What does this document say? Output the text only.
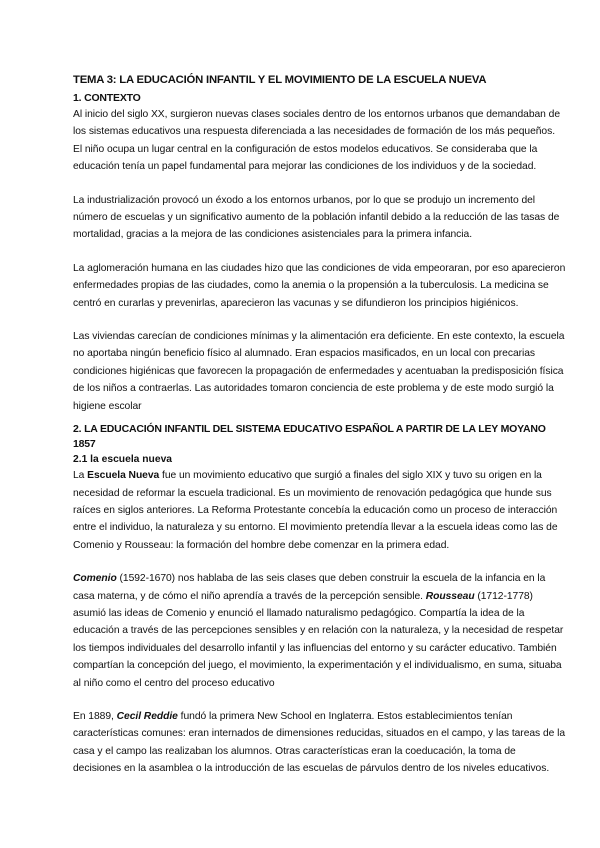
TEMA 3: LA EDUCACIÓN INFANTIL Y EL MOVIMIENTO DE LA ESCUELA NUEVA
1. CONTEXTO

Al inicio del siglo XX, surgieron nuevas clases sociales dentro de los entornos urbanos que demandaban de los sistemas educativos una respuesta diferenciada a las necesidades de formación de los más pequeños. El niño ocupa un lugar central en la configuración de estos modelos educativos. Se consideraba que la educación tenía un papel fundamental para mejorar las condiciones de los individuos y de la sociedad.

La industrialización provocó un éxodo a los entornos urbanos, por lo que se produjo un incremento del número de escuelas y un significativo aumento de la población infantil debido a la reducción de las tasas de mortalidad, gracias a la mejora de las condiciones asistenciales para la primera infancia.

La aglomeración humana en las ciudades hizo que las condiciones de vida empeoraran, por eso aparecieron enfermedades propias de las ciudades, como la anemia o la propensión a la tuberculosis. La medicina se centró en curarlas y prevenirlas, aparecieron las vacunas y se difundieron los principios higiénicos.

Las viviendas carecían de condiciones mínimas y la alimentación era deficiente. En este contexto, la escuela no aportaba ningún beneficio físico al alumnado. Eran espacios masificados, en un local con precarias condiciones higiénicas que favorecen la propagación de enfermedades y acentuaban la predisposición física de los niños a contraerlas. Las autoridades tomaron conciencia de este problema y de este modo surgió la higiene escolar

2. LA EDUCACIÓN INFANTIL DEL SISTEMA EDUCATIVO ESPAÑOL A PARTIR DE LA LEY MOYANO 1857
2.1 la escuela nueva

La Escuela Nueva fue un movimiento educativo que surgió a finales del siglo XIX y tuvo su origen en la necesidad de reformar la escuela tradicional. Es un movimiento de renovación pedagógica que hunde sus raíces en siglos anteriores. La Reforma Protestante concebía la educación como un proceso de interacción entre el individuo, la naturaleza y su entorno. El movimiento pretendía llevar a la escuela ideas como las de Comenio y Rousseau: la formación del hombre debe comenzar en la primera edad.

Comenio (1592-1670) nos hablaba de las seis clases que deben construir la escuela de la infancia en la casa materna, y de cómo el niño aprendía a través de la percepción sensible. Rousseau (1712-1778) asumió las ideas de Comenio y enunció el llamado naturalismo pedagógico. Compartía la idea de la educación a través de las percepciones sensibles y en relación con la naturaleza, y la necesidad de respetar los tiempos individuales del desarrollo infantil y las influencias del entorno y su carácter educativo. También compartían la concepción del juego, el movimiento, la experimentación y el individualismo, en suma, situaba al niño como el centro del proceso educativo

En 1889, Cecil Reddie fundó la primera New School en Inglaterra. Estos establecimientos tenían características comunes: eran internados de dimensiones reducidas, situados en el campo, y las tareas de la casa y el campo las realizaban los alumnos. Otras características eran la coeducación, la toma de decisiones en la asamblea o la introducción de las escuelas de párvulos dentro de los niveles educativos.
